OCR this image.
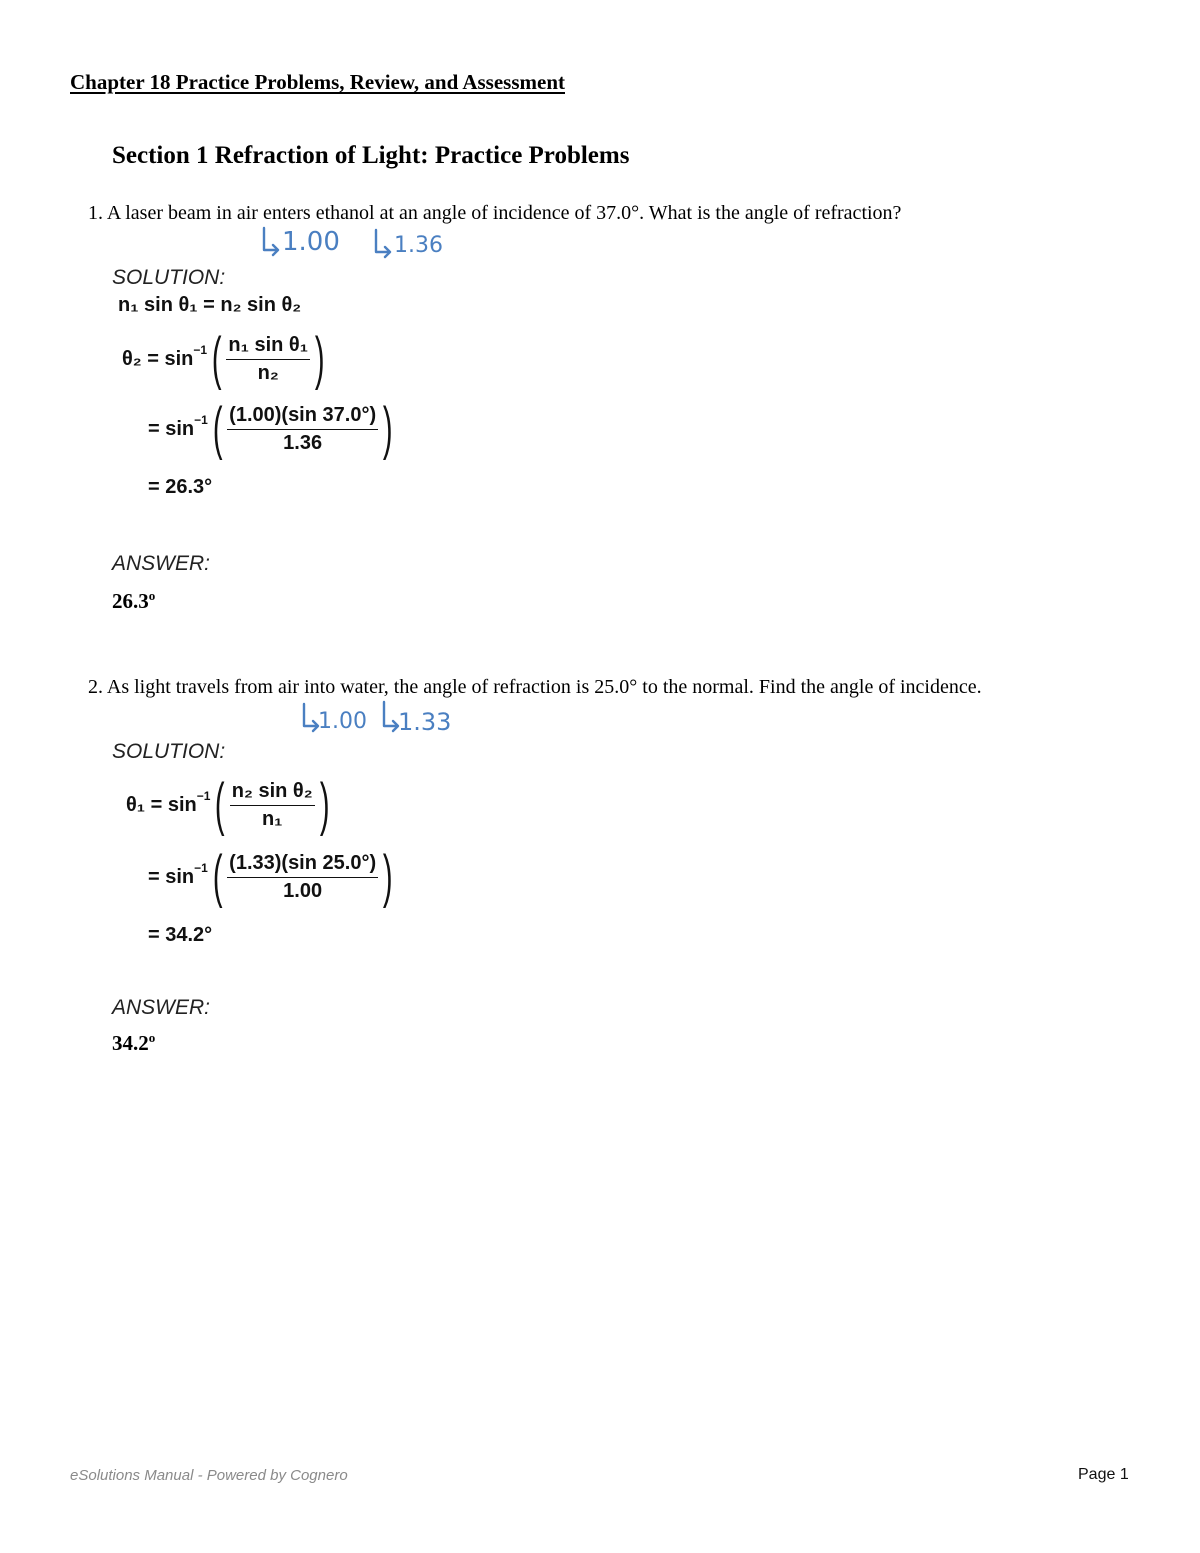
Chapter 18 Practice Problems, Review, and Assessment
Section 1 Refraction of Light: Practice Problems
1. A laser beam in air enters ethanol at an angle of incidence of 37.0°. What is the angle of refraction?
1.00 1.36
SOLUTION:
n₁ sin θ₁ = n₂ sin θ₂
θ₂ = sin −1 ( $\frac{\text{n₁ sin θ₁}}{\text{n₂}}$ )
= sin −1 ( $\frac{(1.00)(\sin 37.0^\circ)}{1.36}$ )
= 26.3°
ANSWER:
26.3$^o$
2. As light travels from air into water, the angle of refraction is 25.0° to the normal. Find the angle of incidence.
1.00 1.33
SOLUTION:
θ₁ = sin −1 ( $\frac{\text{n₂ sin θ₂}}{\text{n₁}}$ )
= sin −1 ( $\frac{(1.33)(\sin 25.0^\circ)}{1.00}$ )
= 34.2°
ANSWER:
34.2$^o$
eSolutions Manual - Powered by Cognero	Page 1
